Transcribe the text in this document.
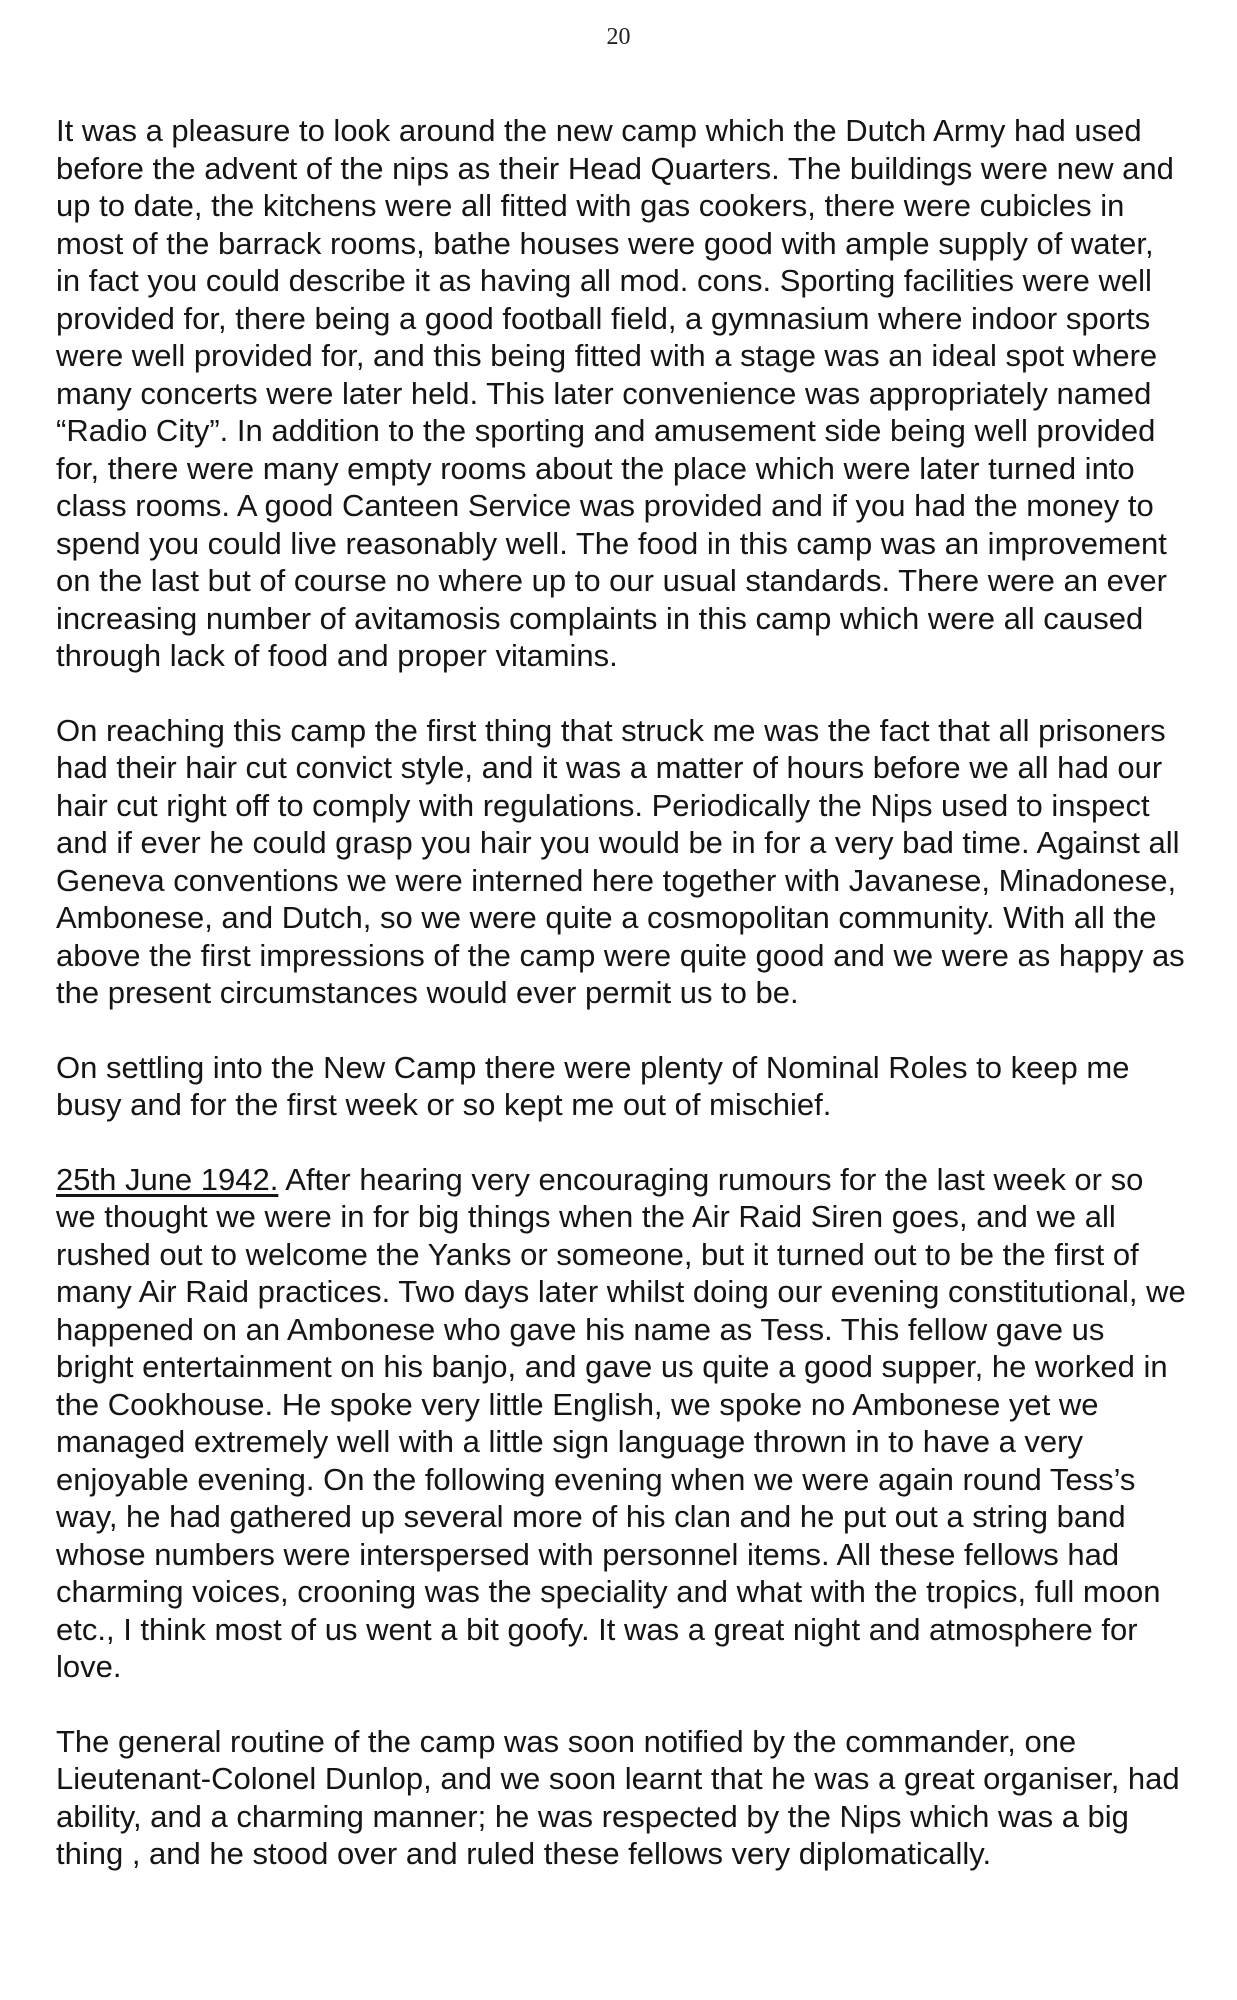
20

It was a pleasure to look around the new camp which the Dutch Army had used before the advent of the nips as their Head Quarters. The buildings were new and up to date, the kitchens were all fitted with gas cookers, there were cubicles in most of the barrack rooms, bathe houses were good with ample supply of water, in fact you could describe it as having all mod. cons. Sporting facilities were well provided for, there being a good football field, a gymnasium where indoor sports were well provided for, and this being fitted with a stage was an ideal spot where many concerts were later held. This later convenience was appropriately named “Radio City”. In addition to the sporting and amusement side being well provided for, there were many empty rooms about the place which were later turned into class rooms. A good Canteen Service was provided and if you had the money to spend you could live reasonably well. The food in this camp was an improvement on the last but of course no where up to our usual standards. There were an ever increasing number of avitamosis complaints in this camp which were all caused through lack of food and proper vitamins.

On reaching this camp the first thing that struck me was the fact that all prisoners had their hair cut convict style, and it was a matter of hours before we all had our hair cut right off to comply with regulations. Periodically the Nips used to inspect and if ever he could grasp you hair you would be in for a very bad time. Against all Geneva conventions we were interned here together with Javanese, Minadonese, Ambonese, and Dutch, so we were quite a cosmopolitan community. With all the above the first impressions of the camp were quite good and we were as happy as the present circumstances would ever permit us to be.

On settling into the New Camp there were plenty of Nominal Roles to keep me busy and for the first week or so kept me out of mischief.

25th June 1942. After hearing very encouraging rumours for the last week or so we thought we were in for big things when the Air Raid Siren goes, and we all rushed out to welcome the Yanks or someone, but it turned out to be the first of many Air Raid practices. Two days later whilst doing our evening constitutional, we happened on an Ambonese who gave his name as Tess. This fellow gave us bright entertainment on his banjo, and gave us quite a good supper, he worked in the Cookhouse. He spoke very little English, we spoke no Ambonese yet we managed extremely well with a little sign language thrown in to have a very enjoyable evening. On the following evening when we were again round Tess’s way, he had gathered up several more of his clan and he put out a string band whose numbers were interspersed with personnel items. All these fellows had charming voices, crooning was the speciality and what with the tropics, full moon etc., I think most of us went a bit goofy. It was a great night and atmosphere for love.

The general routine of the camp was soon notified by the commander, one Lieutenant-Colonel Dunlop, and we soon learnt that he was a great organiser, had ability, and a charming manner; he was respected by the Nips which was a big thing , and he stood over and ruled these fellows very diplomatically.
